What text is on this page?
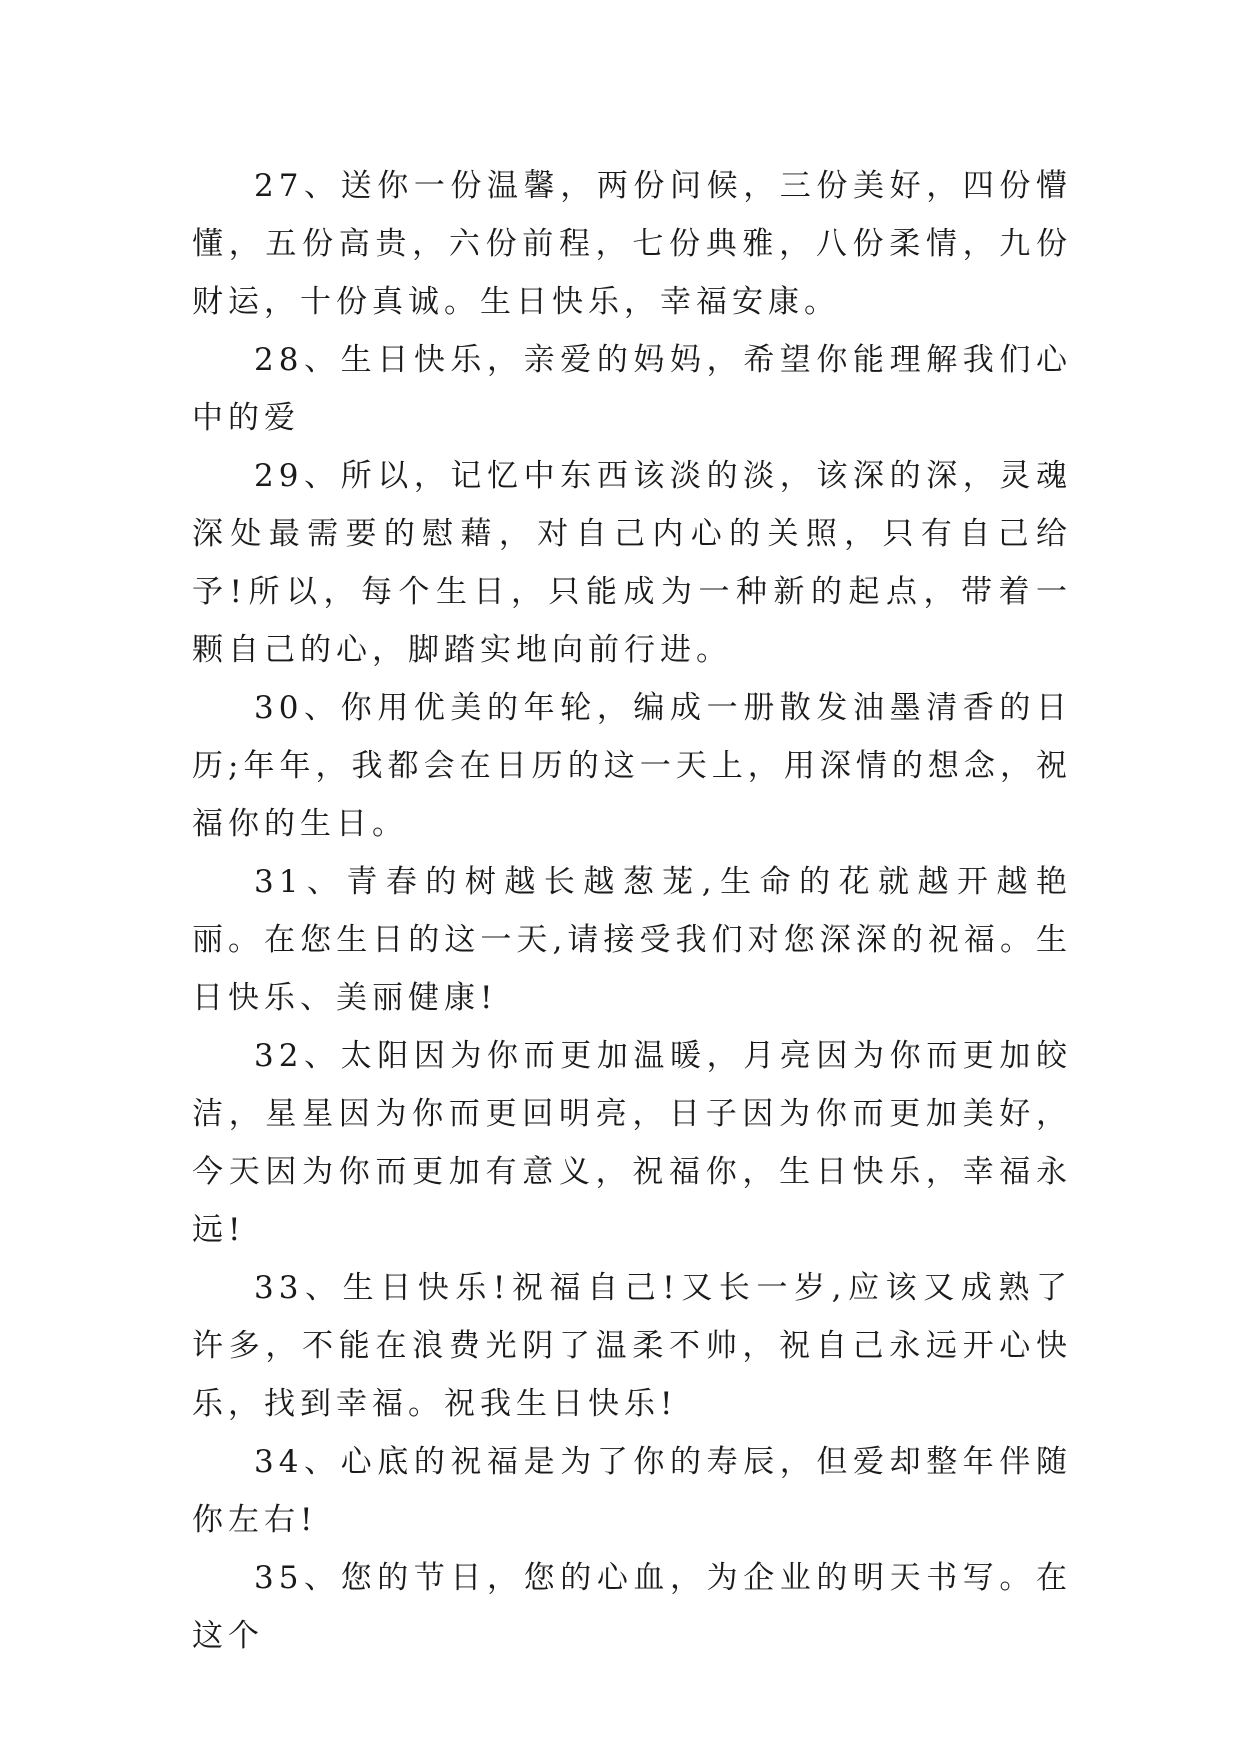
27、送你一份温馨，两份问候，三份美好，四份懵懂，五份高贵，六份前程，七份典雅，八份柔情，九份财运，十份真诚。生日快乐，幸福安康。

28、生日快乐，亲爱的妈妈，希望你能理解我们心中的爱

29、所以，记忆中东西该淡的淡，该深的深，灵魂深处最需要的慰藉，对自己内心的关照，只有自己给予!所以，每个生日，只能成为一种新的起点，带着一颗自己的心，脚踏实地向前行进。

30、你用优美的年轮，编成一册散发油墨清香的日历;年年，我都会在日历的这一天上，用深情的想念，祝福你的生日。

31、青春的树越长越葱茏,生命的花就越开越艳丽。在您生日的这一天,请接受我们对您深深的祝福。生日快乐、美丽健康!

32、太阳因为你而更加温暖，月亮因为你而更加皎洁，星星因为你而更回明亮，日子因为你而更加美好，今天因为你而更加有意义，祝福你，生日快乐，幸福永远!

33、生日快乐!祝福自己!又长一岁,应该又成熟了许多，不能在浪费光阴了温柔不帅，祝自己永远开心快乐，找到幸福。祝我生日快乐!

34、心底的祝福是为了你的寿辰，但爱却整年伴随你左右!

35、您的节日，您的心血，为企业的明天书写。在这个
